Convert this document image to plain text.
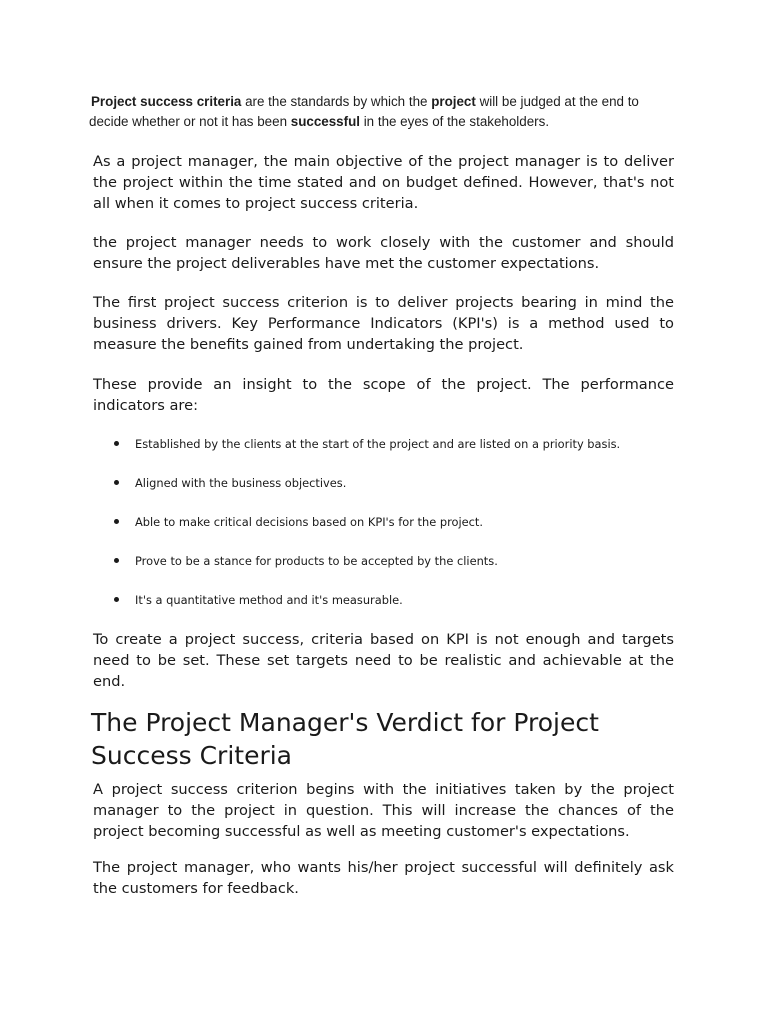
Project success criteria are the standards by which the project will be judged at the end to
decide whether or not it has been successful in the eyes of the stakeholders.

As a project manager, the main objective of the project manager is to deliver the project within the time stated and on budget defined. However, that's not all when it comes to project success criteria.

the project manager needs to work closely with the customer and should ensure the project deliverables have met the customer expectations.

The first project success criterion is to deliver projects bearing in mind the business drivers. Key Performance Indicators (KPI's) is a method used to measure the benefits gained from undertaking the project.

These provide an insight to the scope of the project. The performance indicators are:

Established by the clients at the start of the project and are listed on a priority basis.
Aligned with the business objectives.
Able to make critical decisions based on KPI's for the project.
Prove to be a stance for products to be accepted by the clients.
It's a quantitative method and it's measurable.

To create a project success, criteria based on KPI is not enough and targets need to be set. These set targets need to be realistic and achievable at the end.

The Project Manager's Verdict for Project Success Criteria

A project success criterion begins with the initiatives taken by the project manager to the project in question. This will increase the chances of the project becoming successful as well as meeting customer's expectations.

The project manager, who wants his/her project successful will definitely ask the customers for feedback.
